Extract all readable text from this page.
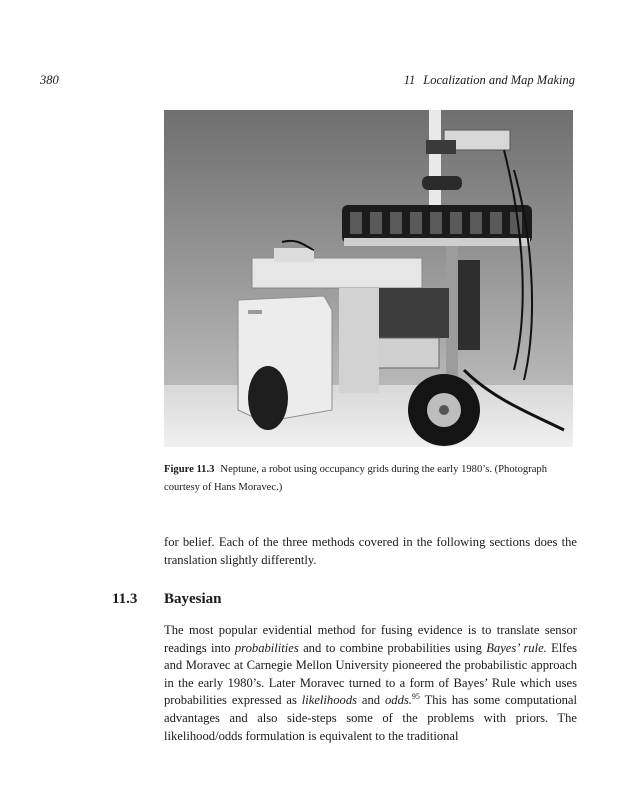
380	11 Localization and Map Making
Figure 11.3 Neptune, a robot using occupancy grids during the early 1980’s. (Photograph courtesy of Hans Moravec.)
for belief. Each of the three methods covered in the following sections does the translation slightly differently.
11.3 Bayesian
The most popular evidential method for fusing evidence is to translate sensor readings into probabilities and to combine probabilities using Bayes’ rule. Elfes and Moravec at Carnegie Mellon University pioneered the probabilistic approach in the early 1980’s. Later Moravec turned to a form of Bayes’ Rule which uses probabilities expressed as likelihoods and odds.$^{95}$ This has some computational advantages and also side-steps some of the problems with priors. The likelihood/odds formulation is equivalent to the traditional
